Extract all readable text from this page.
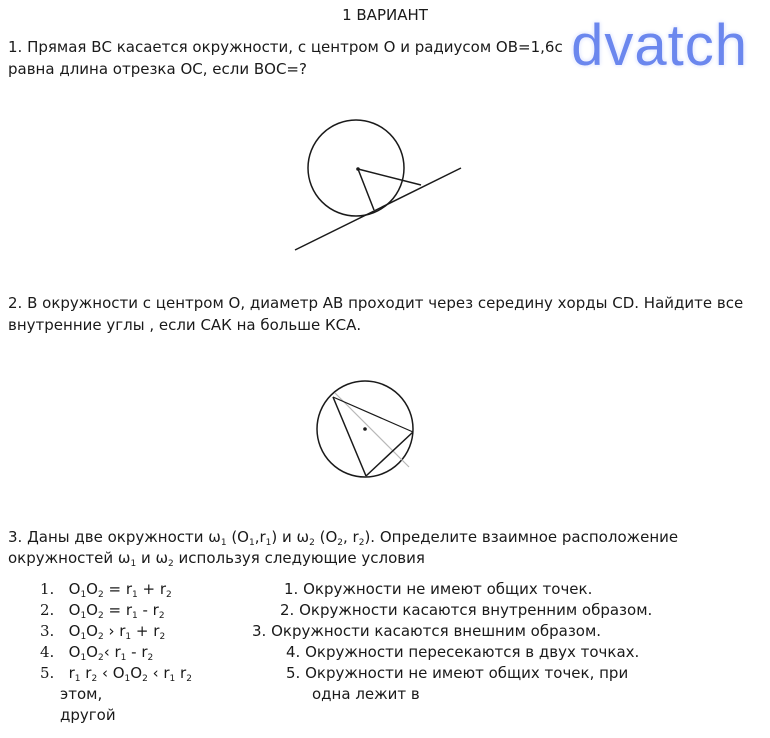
1 ВАРИАНТ	dvatch
1. Прямая ВС касается окружности, с центром О и радиусом ОВ=1,6с
равна длина отрезка ОС, если ВОС=?
2. В окружности с центром О, диаметр АВ проходит через середину хорды CD. Найдите все
внутренние углы , если САК на больше КСА.
3. Даны две окружности $\omega_1$ $(О_1,r_1)$ и $\omega_2$ ($О_2$, $r_2$). Определите взаимное расположение
окружностей $\omega_1$ и $\omega_2$ используя следующие условия
1. $О_1О_2 = r_1 + r_2$
2. $О_1О_2 = r_1 - r_2$
3. $О_1О_2$ › $r_1 + r_2$
4.   $О_1О_2‹$ $r_1 - r_2$
5.   $r_1$ $r_2$ ‹ $О_1О_2$ ‹ $r_1$ $r_2$
этом,
другой
1. Окружности не имеют общих точек.
2. Окружности касаются внутренним образом.
3. Окружности касаются внешним образом.
4. Окружности пересекаются в двух точках.
5. Окружности не имеют общих точек, при
одна лежит в
